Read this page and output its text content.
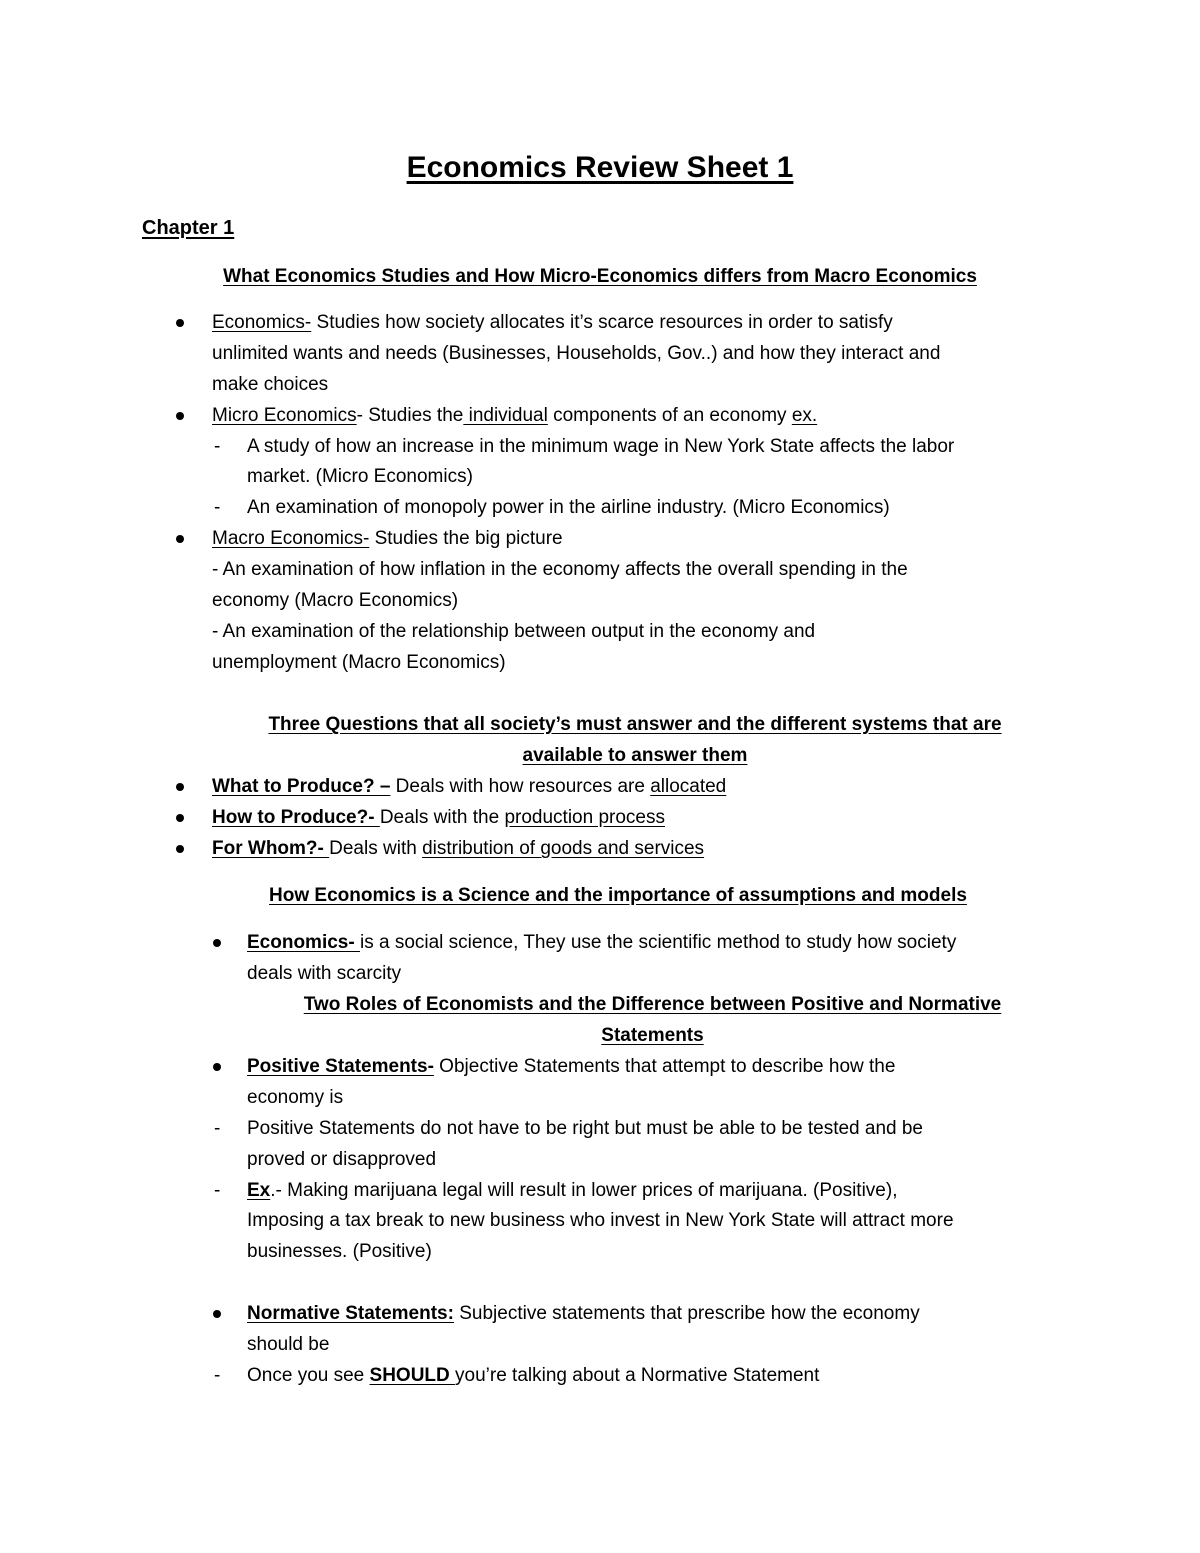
Economics Review Sheet 1
Chapter 1
What Economics Studies and How Micro-Economics differs from Macro Economics
Economics- Studies how society allocates it’s scarce resources in order to satisfy
unlimited wants and needs (Businesses, Households, Gov..) and how they interact and
make choices
Micro Economics- Studies the individual components of an economy ex.
- A study of how an increase in the minimum wage in New York State affects the labor
market. (Micro Economics)
- An examination of monopoly power in the airline industry. (Micro Economics)
Macro Economics- Studies the big picture
- An examination of how inflation in the economy affects the overall spending in the
economy (Macro Economics)
- An examination of the relationship between output in the economy and
unemployment (Macro Economics)
Three Questions that all society’s must answer and the different systems that are
available to answer them
What to Produce? – Deals with how resources are allocated
How to Produce?- Deals with the production process
For Whom?- Deals with distribution of goods and services
How Economics is a Science and the importance of assumptions and models
Economics- is a social science, They use the scientific method to study how society
deals with scarcity
Two Roles of Economists and the Difference between Positive and Normative
Statements
Positive Statements- Objective Statements that attempt to describe how the
economy is
- Positive Statements do not have to be right but must be able to be tested and be
proved or disapproved
- Ex.- Making marijuana legal will result in lower prices of marijuana. (Positive),
Imposing a tax break to new business who invest in New York State will attract more
businesses. (Positive)
Normative Statements: Subjective statements that prescribe how the economy
should be
- Once you see SHOULD you’re talking about a Normative Statement
